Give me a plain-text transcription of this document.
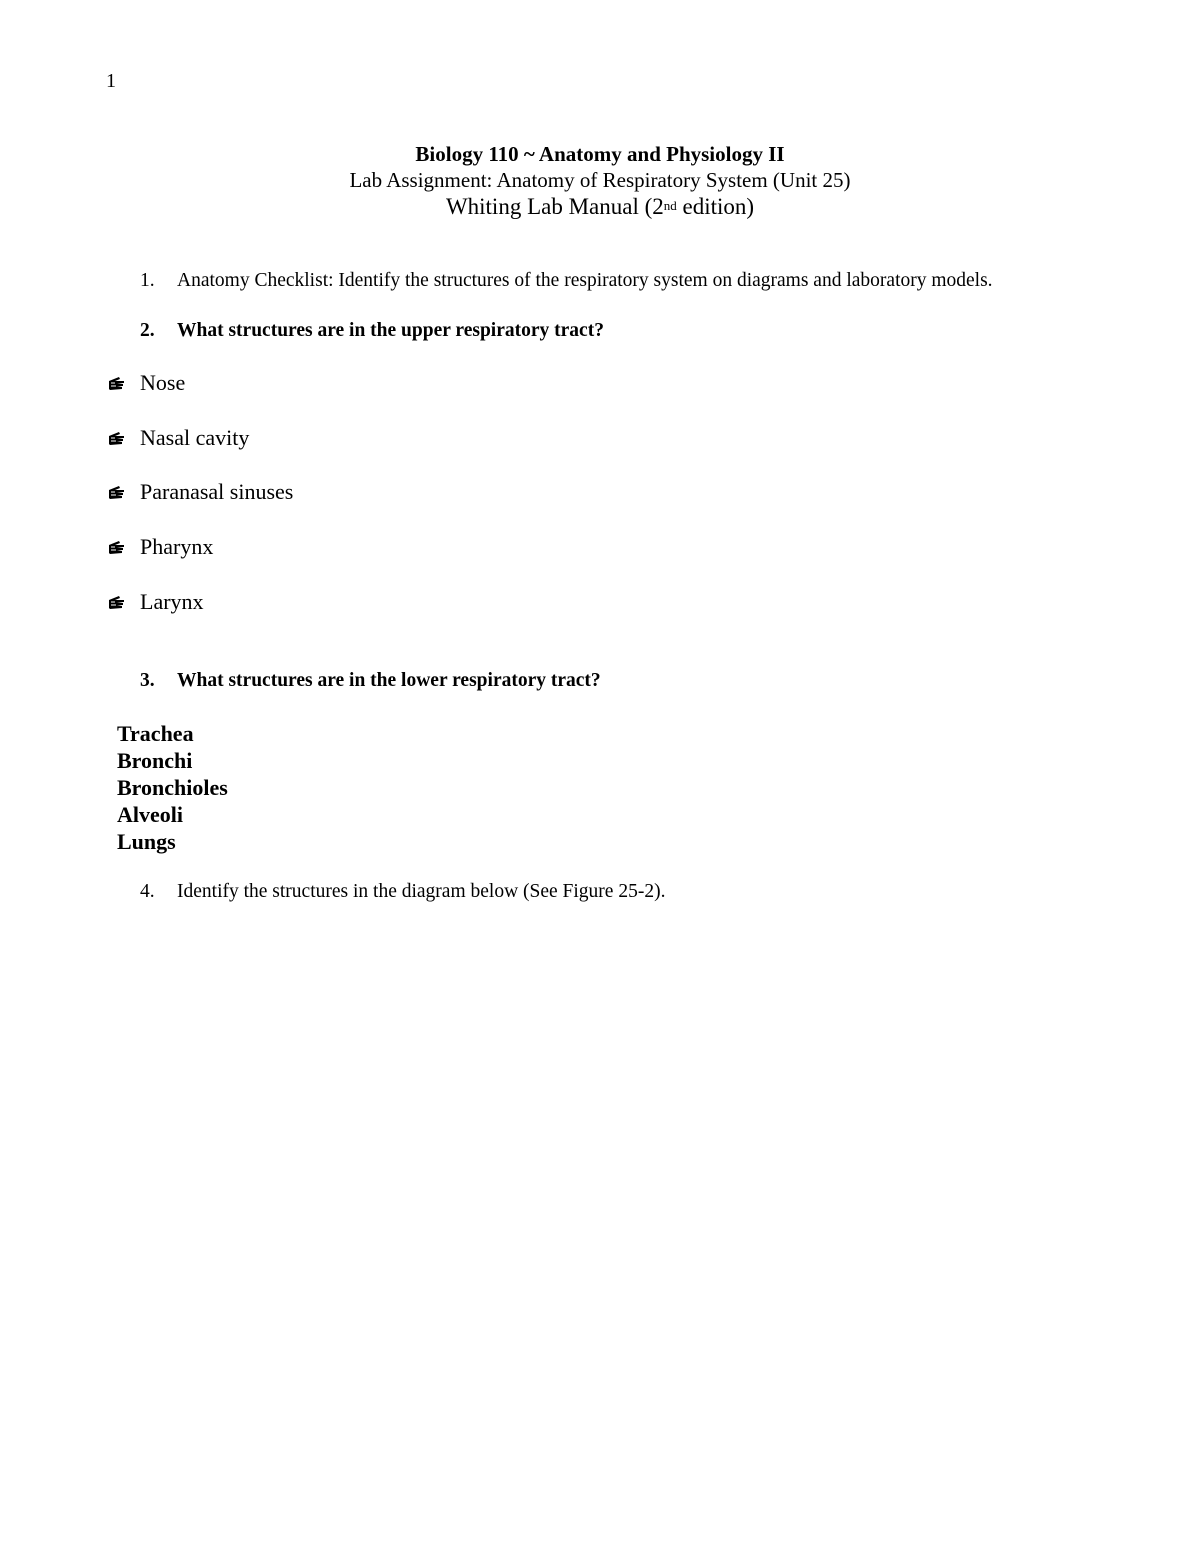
1
Biology 110 ~ Anatomy and Physiology II
Lab Assignment: Anatomy of Respiratory System (Unit 25)
Whiting Lab Manual (2nd edition)
1. Anatomy Checklist: Identify the structures of the respiratory system on diagrams and laboratory models.
2. What structures are in the upper respiratory tract?
Nose
Nasal cavity
Paranasal sinuses
Pharynx
Larynx
3. What structures are in the lower respiratory tract?
Trachea
Bronchi
Bronchioles
Alveoli
Lungs
4. Identify the structures in the diagram below (See Figure 25-2).
